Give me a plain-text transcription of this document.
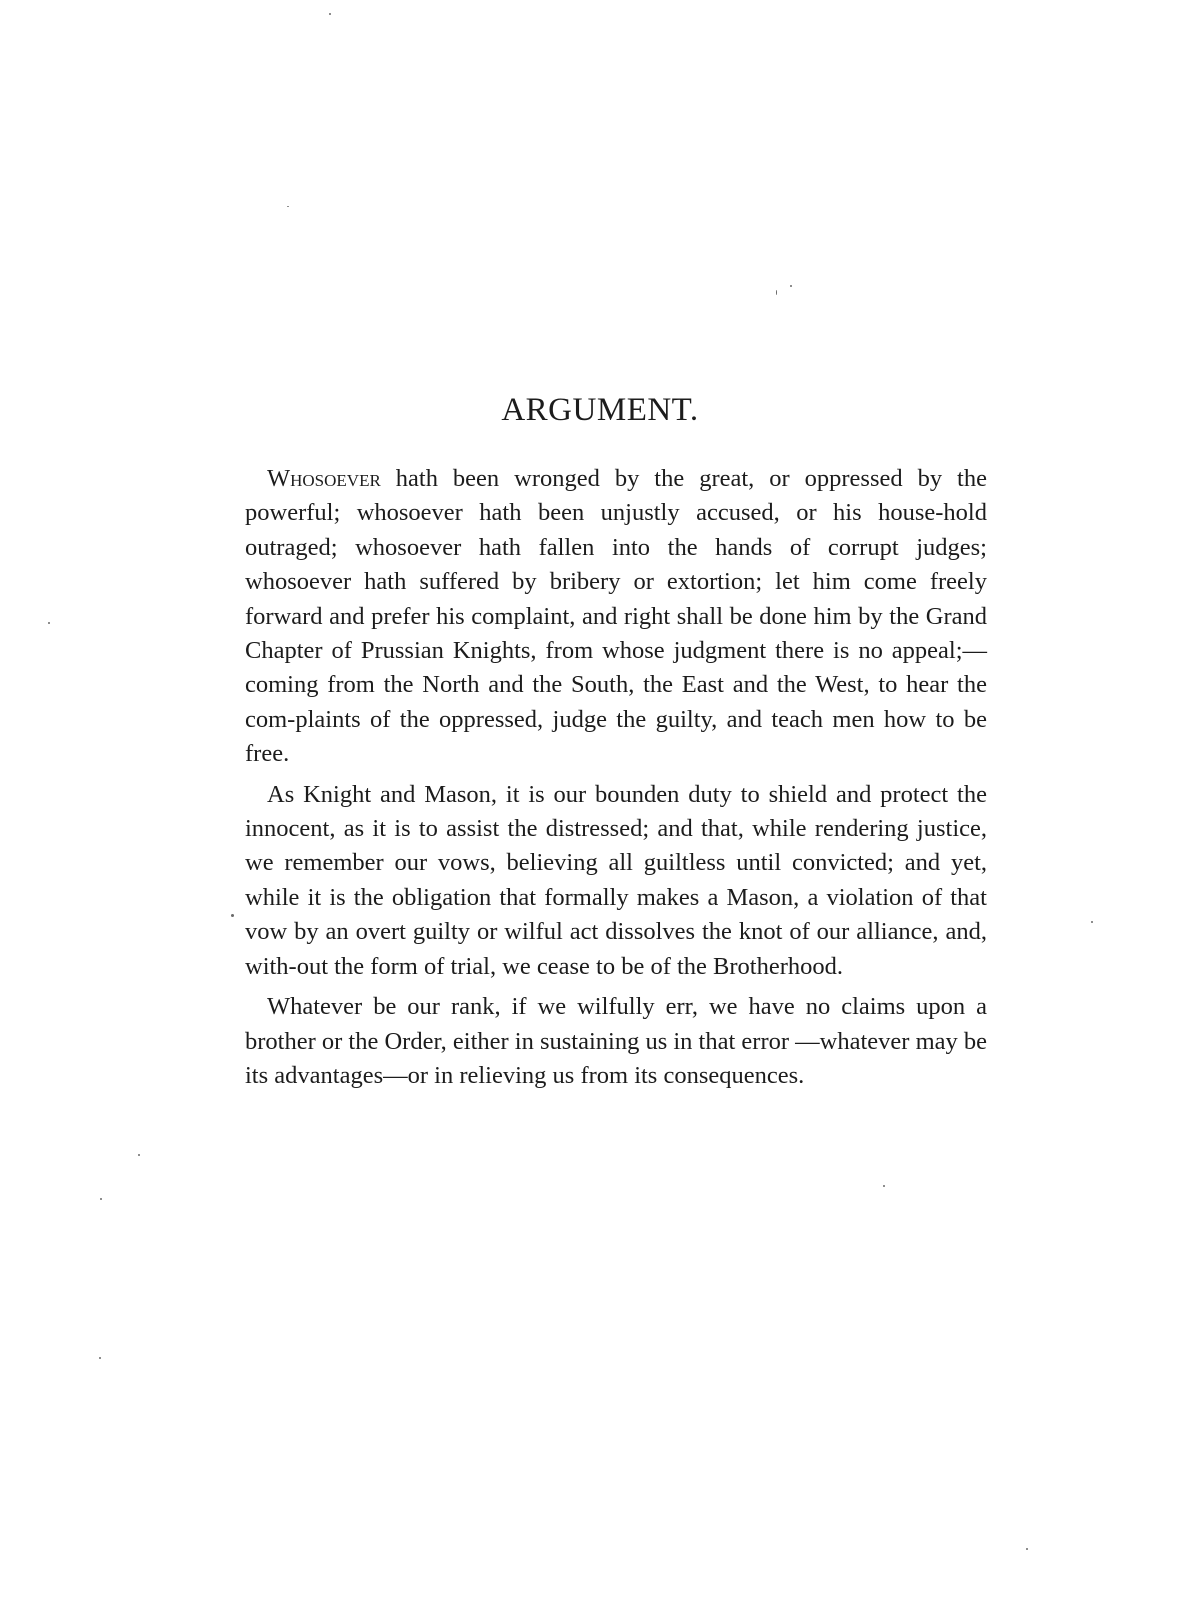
ARGUMENT.

Whosoever hath been wronged by the great, or oppressed by the powerful; whosoever hath been unjustly accused, or his house-hold outraged; whosoever hath fallen into the hands of corrupt judges; whosoever hath suffered by bribery or extortion; let him come freely forward and prefer his complaint, and right shall be done him by the Grand Chapter of Prussian Knights, from whose judgment there is no appeal;—coming from the North and the South, the East and the West, to hear the com-plaints of the oppressed, judge the guilty, and teach men how to be free.

As Knight and Mason, it is our bounden duty to shield and protect the innocent, as it is to assist the distressed; and that, while rendering justice, we remember our vows, believing all guiltless until convicted; and yet, while it is the obligation that formally makes a Mason, a violation of that vow by an overt guilty or wilful act dissolves the knot of our alliance, and, with-out the form of trial, we cease to be of the Brotherhood.

Whatever be our rank, if we wilfully err, we have no claims upon a brother or the Order, either in sustaining us in that error —whatever may be its advantages—or in relieving us from its consequences.
